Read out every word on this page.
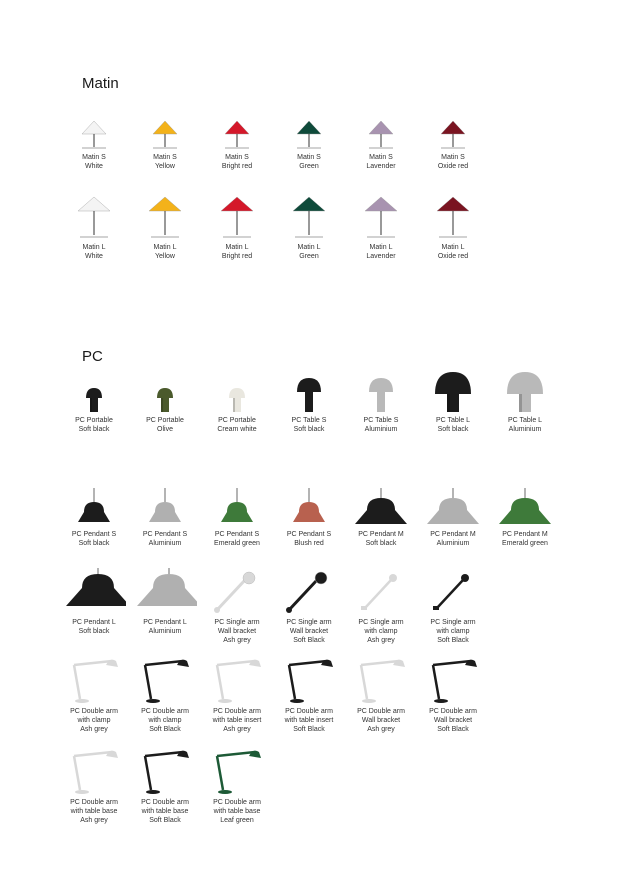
Matin
PC
Matin S
White
Matin S
Yellow
Matin S
Bright red
Matin S
Green
Matin S
Lavender
Matin S
Oxide red
Matin L
White
Matin L
Yellow
Matin L
Bright red
Matin L
Green
Matin L
Lavender
Matin L
Oxide red
PC Portable
Soft black
PC Portable
Olive
PC Portable
Cream white
PC Table S
Soft black
PC Table S
Aluminium
PC Table L
Soft black
PC Table L
Aluminium
PC Pendant S
Soft black
PC Pendant S
Aluminium
PC Pendant S
Emerald green
PC Pendant S
Blush red
PC Pendant M
Soft black
PC Pendant M
Aluminium
PC Pendant M
Emerald green
PC Pendant L
Soft black
PC Pendant L
Aluminium
PC Single arm
Wall bracket
Ash grey
PC Single arm
Wall bracket
Soft Black
PC Single arm
with clamp
Ash grey
PC Single arm
with clamp
Soft Black
PC Double arm
with clamp
Ash grey
PC Double arm
with clamp
Soft Black
PC Double arm
with table insert
Ash grey
PC Double arm
with table insert
Soft Black
PC Double arm
Wall bracket
Ash grey
PC Double arm
Wall bracket
Soft Black
PC Double arm
with table base
Ash grey
PC Double arm
with table base
Soft Black
PC Double arm
with table base
Leaf green
